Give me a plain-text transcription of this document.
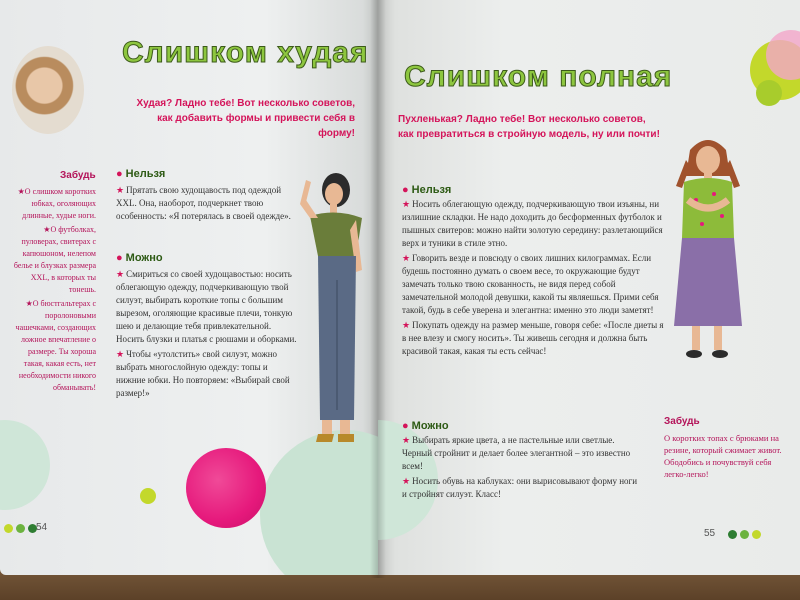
Слишком худая
Худая? Ладно тебе! Вот несколько советов, как добавить формы и привести себя в форму!
Забудь

★О слишком коротких юбках, оголяющих длинные, худые ноги.

★О футболках, пуловерах, свитерах с капюшоном, нелепом белье и блузках размера XXL, в которых ты тонешь.

★О бюстгальтерах с поролоновыми чашечками, создающих ложное впечатление о размере. Ты хороша такая, какая есть, нет необходимости никого обманывать!

● Нельзя

★ Прятать свою худощавость под одеждой XXL. Она, наоборот, подчеркнет твою особенность: «Я потерялась в своей одежде».

● Можно

★ Смириться со своей худощавостью: носить облегающую одежду, подчеркивающую твой силуэт, выбирать короткие топы с большим вырезом, оголяющие красивые плечи, тонкую шею и делающие тебя привлекательной. Носить блузки и платья с рюшами и оборками.

★ Чтобы «утолстить» свой силуэт, можно выбрать многослойную одежду: топы и нижние юбки. Но повторяем: «Выбирай свой размер!»

54
Слишком полная
Пухленькая? Ладно тебе! Вот несколько советов, как превратиться в стройную модель, ну или почти!
● Нельзя

★ Носить облегающую одежду, подчеркивающую твои изъяны, ни излишние складки. Не надо доходить до бесформенных футболок и пышных свитеров: можно найти золотую середину: разлетающийся верх и туники в стиле этно.

★ Говорить везде и повсюду о своих лишних килограммах. Если будешь постоянно думать о своем весе, то окружающие будут замечать только твою скованность, не видя перед собой замечательной молодой девушки, какой ты являешься. Прими себя такой, будь в себе уверена и элегантна: именно это люди заметят!

★ Покупать одежду на размер меньше, говоря себе: «После диеты я в нее влезу и смогу носить». Ты живешь сегодня и должна быть красивой такая, какая ты есть сейчас!

● Можно

★ Выбирать яркие цвета, а не пастельные или светлые. Черный стройнит и делает более элегантной – это известно всем!

★ Носить обувь на каблуках: они вырисовывают форму ноги и стройнят силуэт. Класс!

Забудь
О коротких топах с брюками на резине, который сжимает живот. Ободобись и почувствуй себя легко-легко!
55
